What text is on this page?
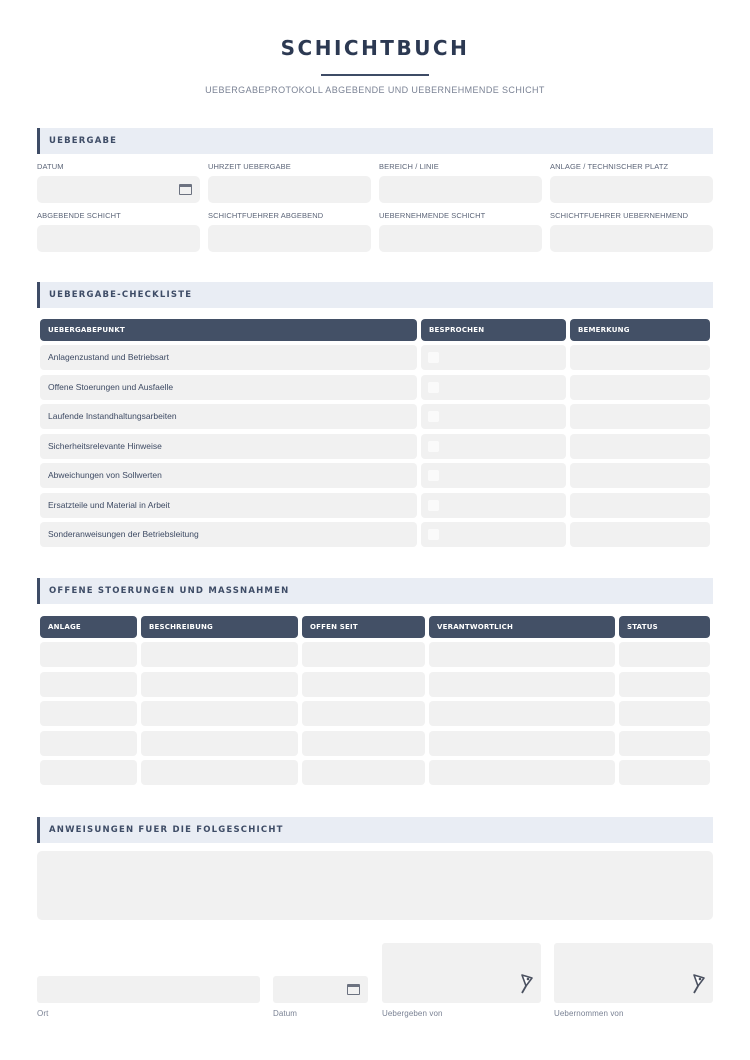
SCHICHTBUCH
UEBERGABEPROTOKOLL ABGEBENDE UND UEBERNEHMENDE SCHICHT
UEBERGABE
DATUM	UHRZEIT UEBERGABE	BEREICH / LINIE	ANLAGE / TECHNISCHER PLATZ
ABGEBENDE SCHICHT	SCHICHTFUEHRER ABGEBEND	UEBERNEHMENDE SCHICHT	SCHICHTFUEHRER UEBERNEHMEND
UEBERGABE-CHECKLISTE
UEBERGABEPUNKT	BESPROCHEN	BEMERKUNG
Anlagenzustand und Betriebsart
Offene Stoerungen und Ausfaelle
Laufende Instandhaltungsarbeiten
Sicherheitsrelevante Hinweise
Abweichungen von Sollwerten
Ersatzteile und Material in Arbeit
Sonderanweisungen der Betriebsleitung
OFFENE STOERUNGEN UND MASSNAHMEN
ANLAGE	BESCHREIBUNG	OFFEN SEIT	VERANTWORTLICH	STATUS
ANWEISUNGEN FUER DIE FOLGESCHICHT
Ort	Datum	Uebergeben von	Uebernommen von
